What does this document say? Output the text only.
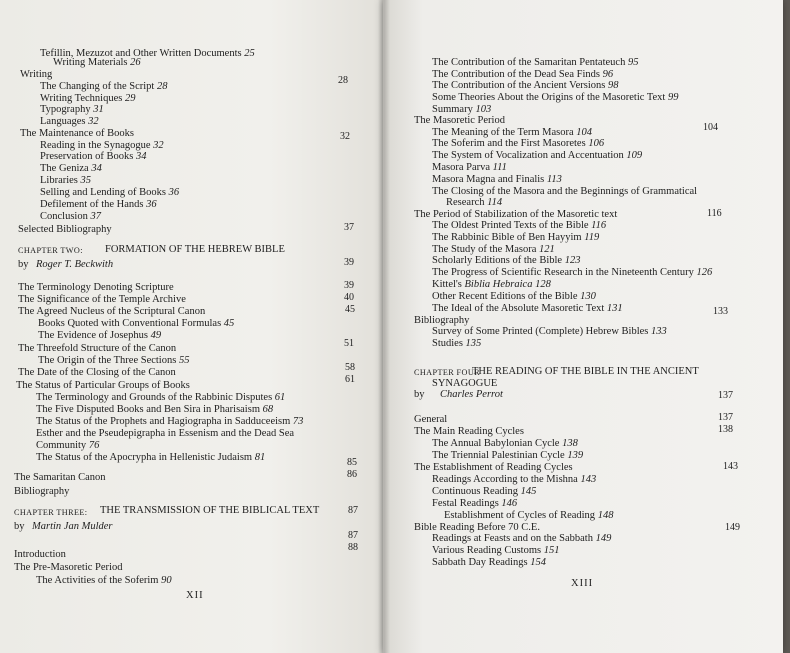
Tefillin, Mezuzot and Other Written Documents 25
Writing Materials 26
Writing
The Changing of the Script 28
Writing Techniques 29
Typography 31
Languages 32
The Maintenance of Books
Reading in the Synagogue 32
Preservation of Books 34
The Geniza 34
Libraries 35
Selling and Lending of Books 36
Defilement of the Hands 36
Conclusion 37
Selected Bibliography
FORMATION OF THE HEBREW BIBLE
Roger T. Beckwith
The Terminology Denoting Scripture
The Significance of the Temple Archive
The Agreed Nucleus of the Scriptural Canon
Books Quoted with Conventional Formulas 45
The Evidence of Josephus 49
The Threefold Structure of the Canon
The Origin of the Three Sections 55
The Date of the Closing of the Canon
The Status of Particular Groups of Books
The Terminology and Grounds of the Rabbinic Disputes 61
The Five Disputed Books and Ben Sira in Pharisaism 68
The Status of the Prophets and Hagiographa in Sadduceeism 73
Esther and the Pseudepigrapha in Essenism and the Dead Sea
Community 76
The Status of the Apocrypha in Hellenistic Judaism 81
The Samaritan Canon
Bibliography
THE TRANSMISSION OF THE BIBLICAL TEXT
Martin Jan Mulder
Introduction
The Pre-Masoretic Period
The Activities of the Soferim 90
CHAPTER TWO:
by
CHAPTER THREE:
by
28
32
37
39
39
40
45
51
58
61
85
86
87
87
88
XII
The Contribution of the Samaritan Pentateuch 95
The Contribution of the Dead Sea Finds 96
The Contribution of the Ancient Versions 98
Some Theories About the Origins of the Masoretic Text 99
Summary 103
The Masoretic Period
The Meaning of the Term Masora 104
The Soferim and the First Masoretes 106
The System of Vocalization and Accentuation 109
Masora Parva 111
Masora Magna and Finalis 113
The Closing of the Masora and the Beginnings of Grammatical
Research 114
The Period of Stabilization of the Masoretic text
The Oldest Printed Texts of the Bible 116
The Rabbinic Bible of Ben Hayyim 119
The Study of the Masora 121
Scholarly Editions of the Bible 123
The Progress of Scientific Research in the Nineteenth Century 126
Kittel's Biblia Hebraica 128
Other Recent Editions of the Bible 130
The Ideal of the Absolute Masoretic Text 131
Bibliography
Survey of Some Printed (Complete) Hebrew Bibles 133
Studies 135
THE READING OF THE BIBLE IN THE ANCIENT
SYNAGOGUE
Charles Perrot
General
The Main Reading Cycles
The Annual Babylonian Cycle 138
The Triennial Palestinian Cycle 139
The Establishment of Reading Cycles
Readings According to the Mishna 143
Continuous Reading 145
Festal Readings 146
Establishment of Cycles of Reading 148
Bible Reading Before 70 C.E.
Readings at Feasts and on the Sabbath 149
Various Reading Customs 151
Sabbath Day Readings 154
CHAPTER FOUR
by
104
116
133
137
137
138
143
149
XIII
